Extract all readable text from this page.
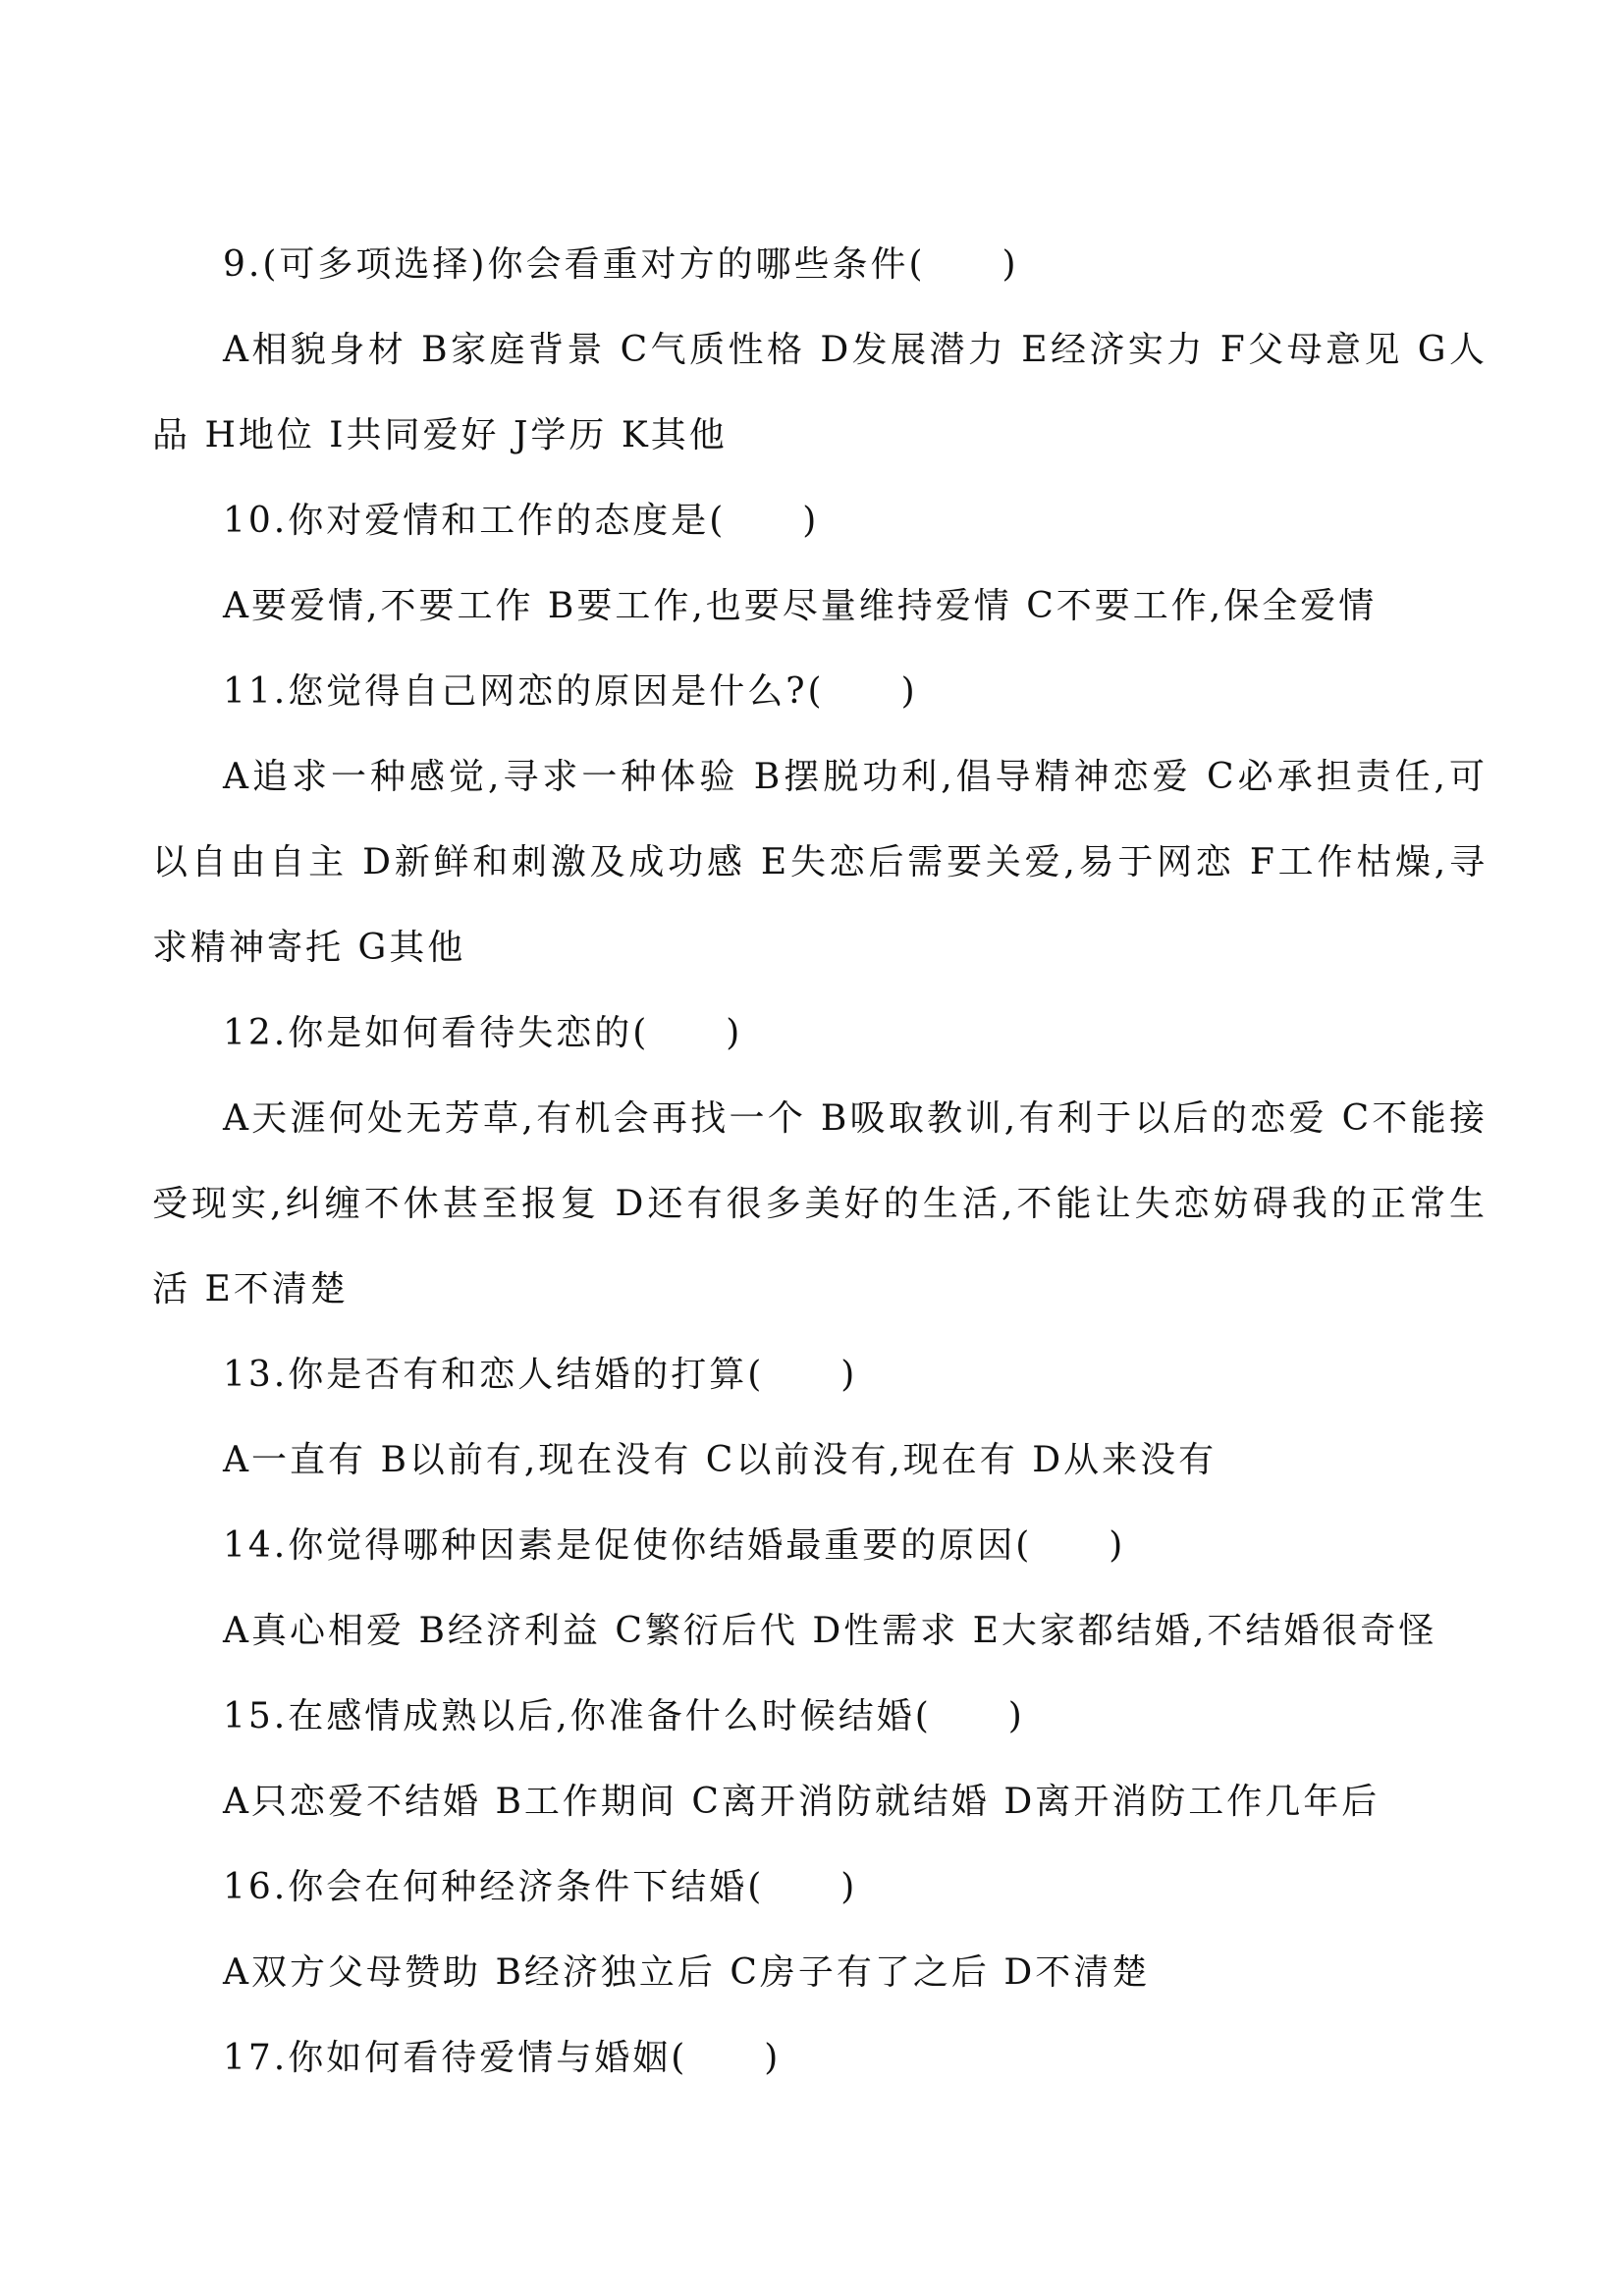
9.(可多项选择)你会看重对方的哪些条件(　　)

A相貌身材 B家庭背景 C气质性格 D发展潜力 E经济实力 F父母意见 G人品 H地位 I共同爱好 J学历 K其他

10.你对爱情和工作的态度是(　　)

A要爱情,不要工作 B要工作,也要尽量维持爱情 C不要工作,保全爱情

11.您觉得自己网恋的原因是什么?(　　)

A追求一种感觉,寻求一种体验 B摆脱功利,倡导精神恋爱 C必承担责任,可以自由自主 D新鲜和刺激及成功感 E失恋后需要关爱,易于网恋 F工作枯燥,寻求精神寄托 G其他

12.你是如何看待失恋的(　　)

A天涯何处无芳草,有机会再找一个 B吸取教训,有利于以后的恋爱 C不能接受现实,纠缠不休甚至报复 D还有很多美好的生活,不能让失恋妨碍我的正常生活 E不清楚

13.你是否有和恋人结婚的打算(　　)

A一直有 B以前有,现在没有 C以前没有,现在有 D从来没有

14.你觉得哪种因素是促使你结婚最重要的原因(　　)

A真心相爱 B经济利益 C繁衍后代 D性需求 E大家都结婚,不结婚很奇怪

15.在感情成熟以后,你准备什么时候结婚(　　)

A只恋爱不结婚 B工作期间 C离开消防就结婚 D离开消防工作几年后

16.你会在何种经济条件下结婚(　　)

A双方父母赞助 B经济独立后 C房子有了之后 D不清楚

17.你如何看待爱情与婚姻(　　)
